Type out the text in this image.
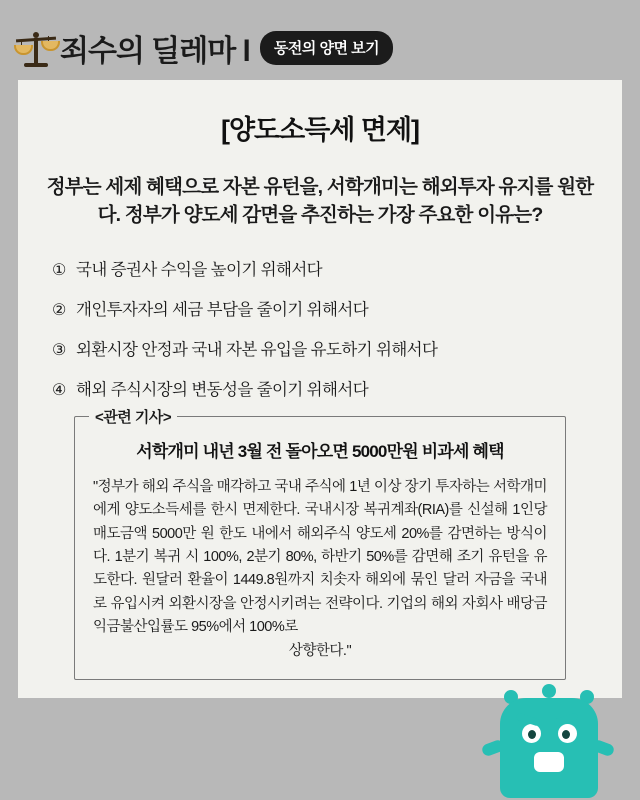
죄수의 딜레마 l	동전의 양면 보기
[양도소득세 면제]
정부는 세제 혜택으로 자본 유턴을, 서학개미는 해외투자 유지를 원한다. 정부가 양도세 감면을 추진하는 가장 주요한 이유는?
① 국내 증권사 수익을 높이기 위해서다
② 개인투자자의 세금 부담을 줄이기 위해서다
③ 외환시장 안정과 국내 자본 유입을 유도하기 위해서다
④ 해외 주식시장의 변동성을 줄이기 위해서다
<관련 기사>
서학개미 내년 3월 전 돌아오면 5000만원 비과세 혜택
"정부가 해외 주식을 매각하고 국내 주식에 1년 이상 장기 투자하는 서학개미에게 양도소득세를 한시 면제한다. 국내시장 복귀계좌(RIA)를 신설해 1인당 매도금액 5000만 원 한도 내에서 해외주식 양도세 20%를 감면하는 방식이다. 1분기 복귀 시 100%, 2분기 80%, 하반기 50%를 감면해 조기 유턴을 유도한다. 원달러 환율이 1449.8원까지 치솟자 해외에 묶인 달러 자금을 국내로 유입시켜 외환시장을 안정시키려는 전략이다. 기업의 해외 자회사 배당금 익금불산입률도 95%에서 100%로
상향한다."
